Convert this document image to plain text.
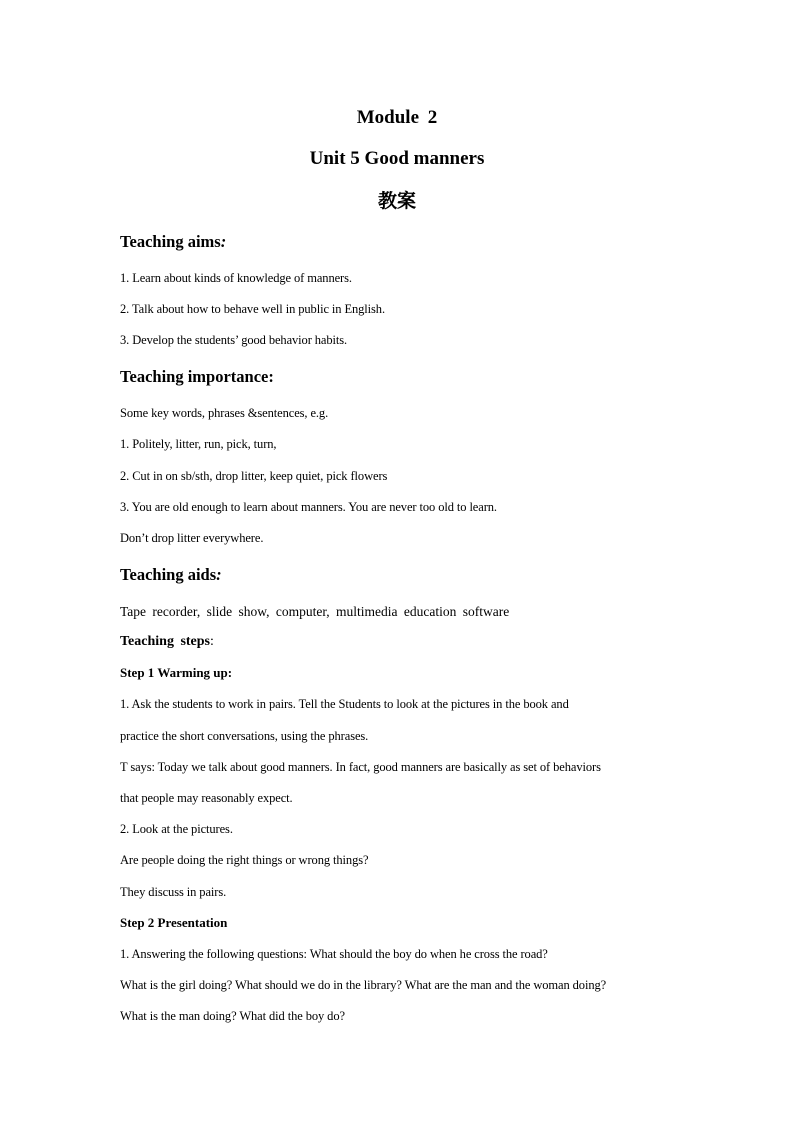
Module 2
Unit 5 Good manners
教案
Teaching aims:
1. Learn about kinds of knowledge of manners.
2. Talk about how to behave well in public in English.
3. Develop the students’ good behavior habits.
Teaching importance:
Some key words, phrases &sentences, e.g.
1. Politely, litter, run, pick, turn,
2. Cut in on sb/sth, drop litter, keep quiet, pick flowers
3. You are old enough to learn about manners. You are never too old to learn.
Don’t drop litter everywhere.
Teaching aids:
Tape recorder, slide show, computer, multimedia education software
Teaching steps:
Step 1 Warming up:
1. Ask the students to work in pairs. Tell the Students to look at the pictures in the book and
practice the short conversations, using the phrases.
T says: Today we talk about good manners. In fact, good manners are basically as set of behaviors
that people may reasonably expect.
2. Look at the pictures.
Are people doing the right things or wrong things?
They discuss in pairs.
Step 2 Presentation
1. Answering the following questions: What should the boy do when he cross the road?
What is the girl doing? What should we do in the library? What are the man and the woman doing?
What is the man doing? What did the boy do?
